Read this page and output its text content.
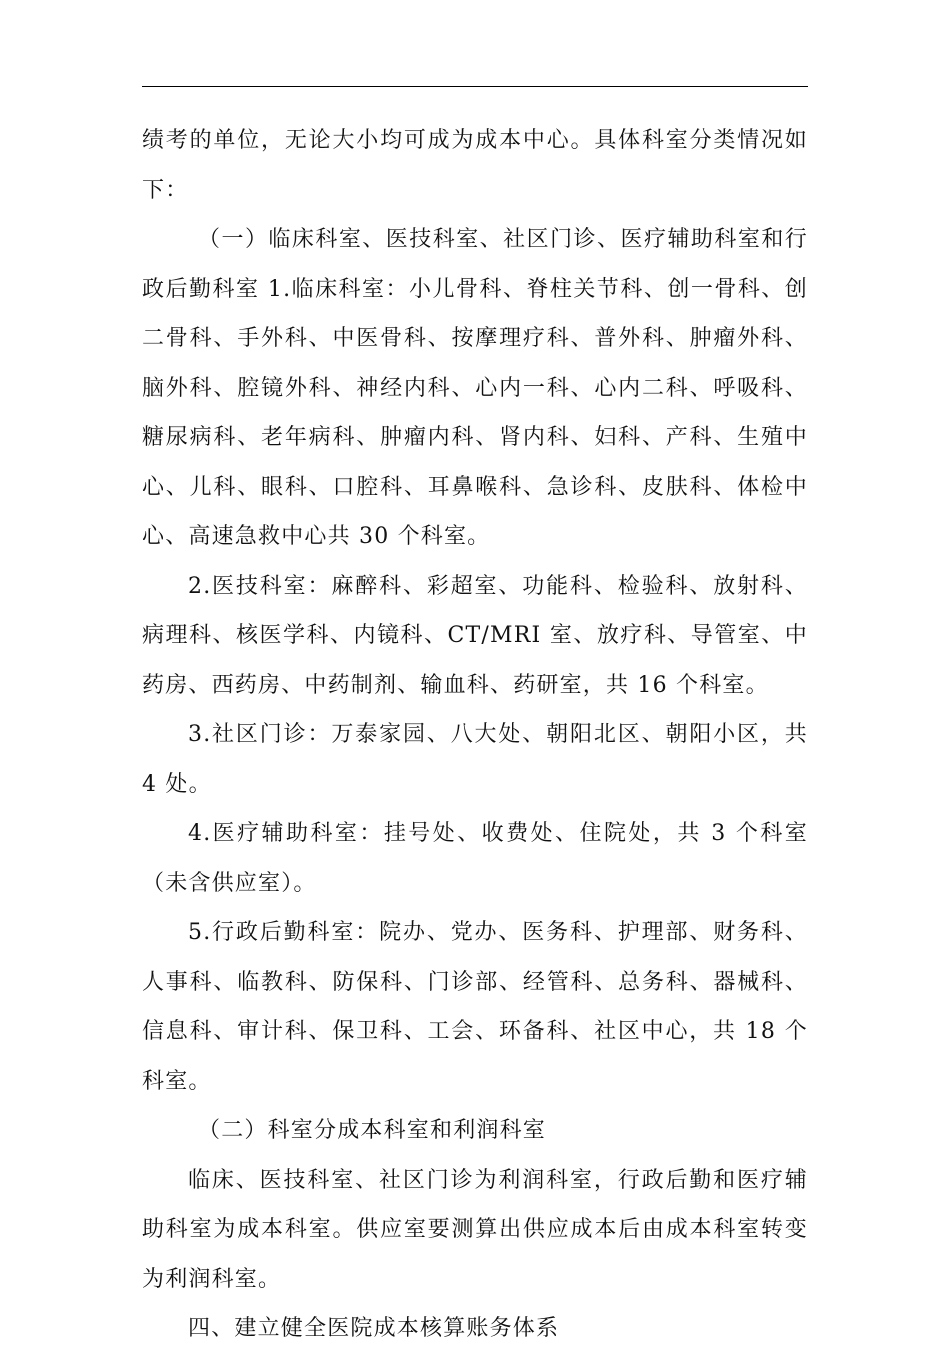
绩考的单位，无论大小均可成为成本中心。具体科室分类情况如下：

（一）临床科室、医技科室、社区门诊、医疗辅助科室和行政后勤科室 1.临床科室：小儿骨科、脊柱关节科、创一骨科、创二骨科、手外科、中医骨科、按摩理疗科、普外科、肿瘤外科、脑外科、腔镜外科、神经内科、心内一科、心内二科、呼吸科、糖尿病科、老年病科、肿瘤内科、肾内科、妇科、产科、生殖中心、儿科、眼科、口腔科、耳鼻喉科、急诊科、皮肤科、体检中心、高速急救中心共 30 个科室。

2.医技科室：麻醉科、彩超室、功能科、检验科、放射科、病理科、核医学科、内镜科、CT/MRI 室、放疗科、导管室、中药房、西药房、中药制剂、输血科、药研室，共 16 个科室。

3.社区门诊：万泰家园、八大处、朝阳北区、朝阳小区，共 4 处。

4.医疗辅助科室：挂号处、收费处、住院处，共 3 个科室（未含供应室）。

5.行政后勤科室：院办、党办、医务科、护理部、财务科、人事科、临教科、防保科、门诊部、经管科、总务科、器械科、信息科、审计科、保卫科、工会、环备科、社区中心，共 18 个科室。

（二）科室分成本科室和利润科室

临床、医技科室、社区门诊为利润科室，行政后勤和医疗辅助科室为成本科室。供应室要测算出供应成本后由成本科室转变为利润科室。

四、建立健全医院成本核算账务体系
